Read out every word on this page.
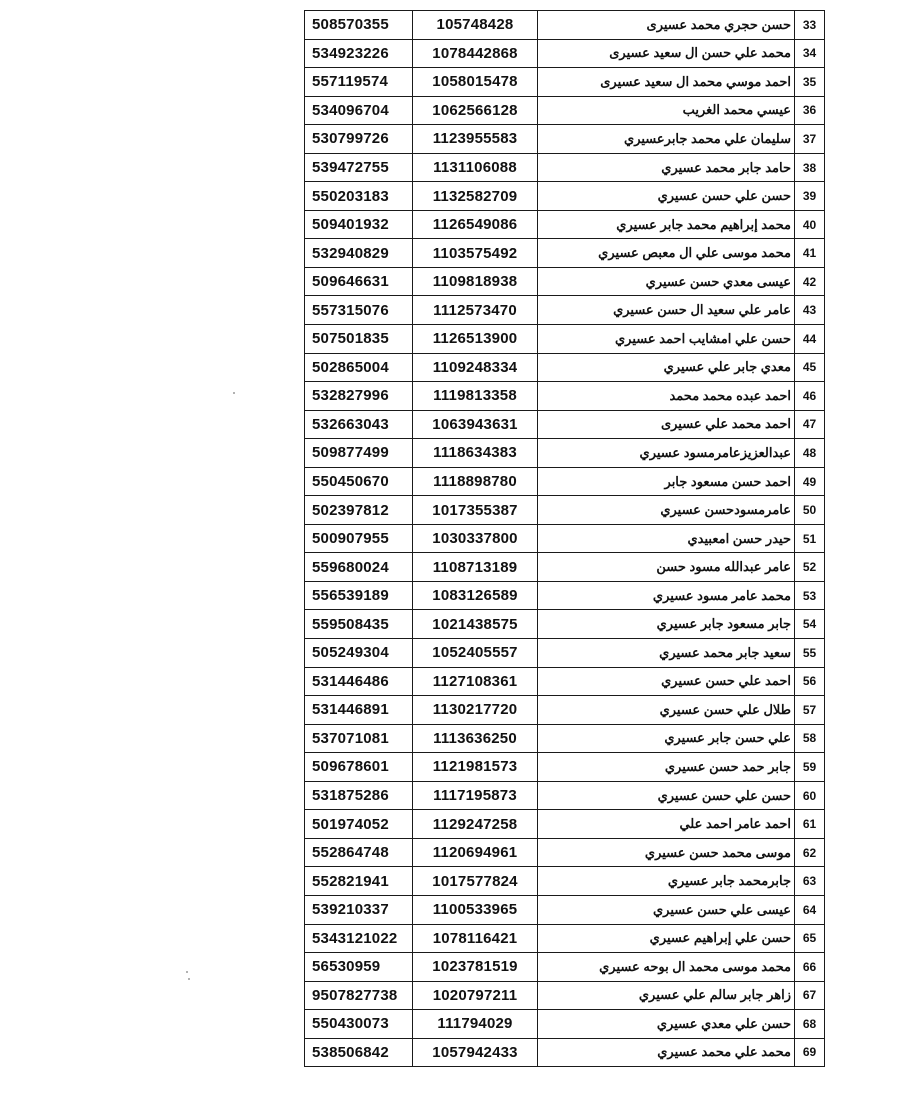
508570355	105748428	حسن حجري محمد عسيرى	33
534923226	1078442868	محمد علي حسن ال سعيد عسيرى	34
557119574	1058015478	احمد موسي محمد ال سعيد عسيرى	35
534096704	1062566128	عيسي محمد الغريب	36
530799726	1123955583	سليمان علي محمد جابرعسيري	37
539472755	1131106088	حامد جابر محمد عسيري	38
550203183	1132582709	حسن علي حسن عسيري	39
509401932	1126549086	محمد إبراهيم محمد جابر عسيري	40
532940829	1103575492	محمد موسى علي ال معبص عسيري	41
509646631	1109818938	عيسى معدي حسن عسيري	42
557315076	1112573470	عامر علي سعيد ال حسن عسيري	43
507501835	1126513900	حسن علي امشايب احمد عسيري	44
502865004	1109248334	معدي جابر علي عسيري	45
532827996	1119813358	احمد عبده محمد محمد	46
532663043	1063943631	احمد محمد علي عسيرى	47
509877499	1118634383	عبدالعزيزعامرمسود عسيري	48
550450670	1118898780	احمد حسن مسعود جابر	49
502397812	1017355387	عامرمسودحسن عسيري	50
500907955	1030337800	حيدر حسن امعبيدي	51
559680024	1108713189	عامر عبدالله مسود حسن	52
556539189	1083126589	محمد عامر مسود عسيري	53
559508435	1021438575	جابر مسعود جابر عسيري	54
505249304	1052405557	سعيد جابر محمد عسيري	55
531446486	1127108361	احمد علي حسن عسيري	56
531446891	1130217720	طلال علي حسن عسيري	57
537071081	1113636250	علي حسن جابر عسيري	58
509678601	1121981573	جابر حمد حسن عسيري	59
531875286	1117195873	حسن علي حسن عسيري	60
501974052	1129247258	احمد عامر احمد علي	61
552864748	1120694961	موسى محمد حسن عسيري	62
552821941	1017577824	جابرمحمد جابر عسيري	63
539210337	1100533965	عيسى علي حسن عسيري	64
5343121022	1078116421	حسن علي إبراهيم عسيري	65
56530959	1023781519	محمد موسى محمد ال بوحه عسيري	66
9507827738	1020797211	زاهر جابر سالم علي عسيري	67
550430073	111794029	حسن علي معدي عسيري	68
538506842	1057942433	محمد علي محمد عسيري	69
